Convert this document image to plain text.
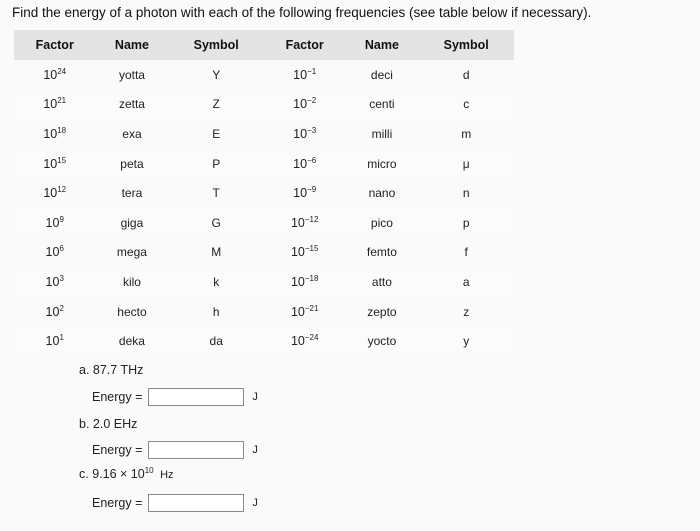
Find the energy of a photon with each of the following frequencies (see table below if necessary).
Factor	Name	Symbol	Factor	Name	Symbol
$10^{24}$	yotta	Y	$10^{-1}$	deci	d
$10^{21}$	zetta	Z	$10^{-2}$	centi	c
$10^{18}$	exa	E	$10^{-3}$	milli	m
$10^{15}$	peta	P	$10^{-6}$	micro	μ
$10^{12}$	tera	T	$10^{-9}$	nano	n
$10^9$	giga	G	$10^{-12}$	pico	p
$10^6$	mega	M	$10^{-15}$	femto	f
$10^3$	kilo	k	$10^{-18}$	atto	a
$10^2$	hecto	h	$10^{-21}$	zepto	z
$10^1$	deka	da	$10^{-24}$	yocto	y
a. 87.7 THz
Energy =	J
b. 2.0 EHz
Energy =	J
c. $9.16 \times 10^{10}$ Hz
Energy =	J
